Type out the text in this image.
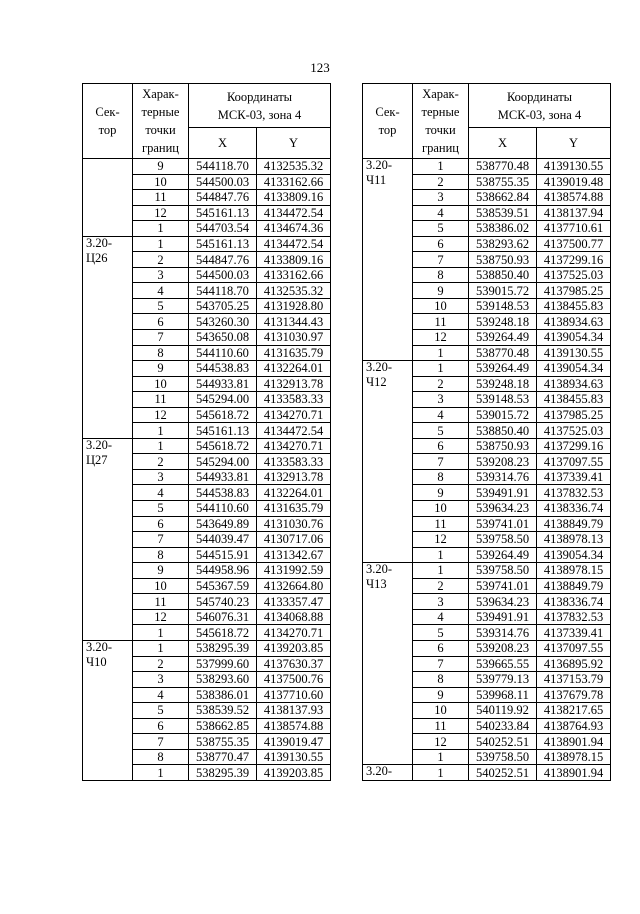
123
Сек-
тор	Харак-
терные
точки
границ	Координаты
МСК-03, зона 4	
		X	Y
	9	544118.70	4132535.32
	10	544500.03	4133162.66
	11	544847.76	4133809.16
	12	545161.13	4134472.54
	1	544703.54	4134674.36
3.20-	1	545161.13	4134472.54
Ц26	2	544847.76	4133809.16
	3	544500.03	4133162.66
	4	544118.70	4132535.32
	5	543705.25	4131928.80
	6	543260.30	4131344.43
	7	543650.08	4131030.97
	8	544110.60	4131635.79
	9	544538.83	4132264.01
	10	544933.81	4132913.78
	11	545294.00	4133583.33
	12	545618.72	4134270.71
	1	545161.13	4134472.54
3.20-	1	545618.72	4134270.71
Ц27	2	545294.00	4133583.33
	3	544933.81	4132913.78
	4	544538.83	4132264.01
	5	544110.60	4131635.79
	6	543649.89	4131030.76
	7	544039.47	4130717.06
	8	544515.91	4131342.67
	9	544958.96	4131992.59
	10	545367.59	4132664.80
	11	545740.23	4133357.47
	12	546076.31	4134068.88
	1	545618.72	4134270.71
3.20-	1	538295.39	4139203.85
Ч10	2	537999.60	4137630.37
	3	538293.60	4137500.76
	4	538386.01	4137710.60
	5	538539.52	4138137.93
	6	538662.85	4138574.88
	7	538755.35	4139019.47
	8	538770.47	4139130.55
	1	538295.39	4139203.85
Сек-
тор	Харак-
терные
точки
границ	Координаты
МСК-03, зона 4	
		X	Y
3.20-	1	538770.48	4139130.55
Ч11	2	538755.35	4139019.48
	3	538662.84	4138574.88
	4	538539.51	4138137.94
	5	538386.02	4137710.61
	6	538293.62	4137500.77
	7	538750.93	4137299.16
	8	538850.40	4137525.03
	9	539015.72	4137985.25
	10	539148.53	4138455.83
	11	539248.18	4138934.63
	12	539264.49	4139054.34
	1	538770.48	4139130.55
3.20-	1	539264.49	4139054.34
Ч12	2	539248.18	4138934.63
	3	539148.53	4138455.83
	4	539015.72	4137985.25
	5	538850.40	4137525.03
	6	538750.93	4137299.16
	7	539208.23	4137097.55
	8	539314.76	4137339.41
	9	539491.91	4137832.53
	10	539634.23	4138336.74
	11	539741.01	4138849.79
	12	539758.50	4138978.13
	1	539264.49	4139054.34
3.20-	1	539758.50	4138978.15
Ч13	2	539741.01	4138849.79
	3	539634.23	4138336.74
	4	539491.91	4137832.53
	5	539314.76	4137339.41
	6	539208.23	4137097.55
	7	539665.55	4136895.92
	8	539779.13	4137153.79
	9	539968.11	4137679.78
	10	540119.92	4138217.65
	11	540233.84	4138764.93
	12	540252.51	4138901.94
	1	539758.50	4138978.15
3.20-	1	540252.51	4138901.94
